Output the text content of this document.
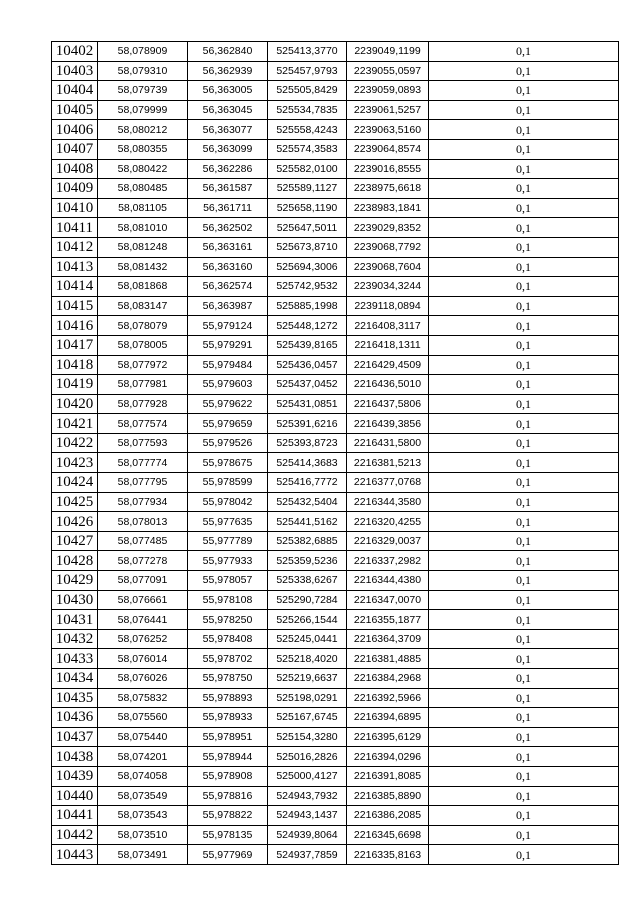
10402	58,078909	56,362840	525413,3770	2239049,1199	0,1
10403	58,079310	56,362939	525457,9793	2239055,0597	0,1
10404	58,079739	56,363005	525505,8429	2239059,0893	0,1
10405	58,079999	56,363045	525534,7835	2239061,5257	0,1
10406	58,080212	56,363077	525558,4243	2239063,5160	0,1
10407	58,080355	56,363099	525574,3583	2239064,8574	0,1
10408	58,080422	56,362286	525582,0100	2239016,8555	0,1
10409	58,080485	56,361587	525589,1127	2238975,6618	0,1
10410	58,081105	56,361711	525658,1190	2238983,1841	0,1
10411	58,081010	56,362502	525647,5011	2239029,8352	0,1
10412	58,081248	56,363161	525673,8710	2239068,7792	0,1
10413	58,081432	56,363160	525694,3006	2239068,7604	0,1
10414	58,081868	56,362574	525742,9532	2239034,3244	0,1
10415	58,083147	56,363987	525885,1998	2239118,0894	0,1
10416	58,078079	55,979124	525448,1272	2216408,3117	0,1
10417	58,078005	55,979291	525439,8165	2216418,1311	0,1
10418	58,077972	55,979484	525436,0457	2216429,4509	0,1
10419	58,077981	55,979603	525437,0452	2216436,5010	0,1
10420	58,077928	55,979622	525431,0851	2216437,5806	0,1
10421	58,077574	55,979659	525391,6216	2216439,3856	0,1
10422	58,077593	55,979526	525393,8723	2216431,5800	0,1
10423	58,077774	55,978675	525414,3683	2216381,5213	0,1
10424	58,077795	55,978599	525416,7772	2216377,0768	0,1
10425	58,077934	55,978042	525432,5404	2216344,3580	0,1
10426	58,078013	55,977635	525441,5162	2216320,4255	0,1
10427	58,077485	55,977789	525382,6885	2216329,0037	0,1
10428	58,077278	55,977933	525359,5236	2216337,2982	0,1
10429	58,077091	55,978057	525338,6267	2216344,4380	0,1
10430	58,076661	55,978108	525290,7284	2216347,0070	0,1
10431	58,076441	55,978250	525266,1544	2216355,1877	0,1
10432	58,076252	55,978408	525245,0441	2216364,3709	0,1
10433	58,076014	55,978702	525218,4020	2216381,4885	0,1
10434	58,076026	55,978750	525219,6637	2216384,2968	0,1
10435	58,075832	55,978893	525198,0291	2216392,5966	0,1
10436	58,075560	55,978933	525167,6745	2216394,6895	0,1
10437	58,075440	55,978951	525154,3280	2216395,6129	0,1
10438	58,074201	55,978944	525016,2826	2216394,0296	0,1
10439	58,074058	55,978908	525000,4127	2216391,8085	0,1
10440	58,073549	55,978816	524943,7932	2216385,8890	0,1
10441	58,073543	55,978822	524943,1437	2216386,2085	0,1
10442	58,073510	55,978135	524939,8064	2216345,6698	0,1
10443	58,073491	55,977969	524937,7859	2216335,8163	0,1
